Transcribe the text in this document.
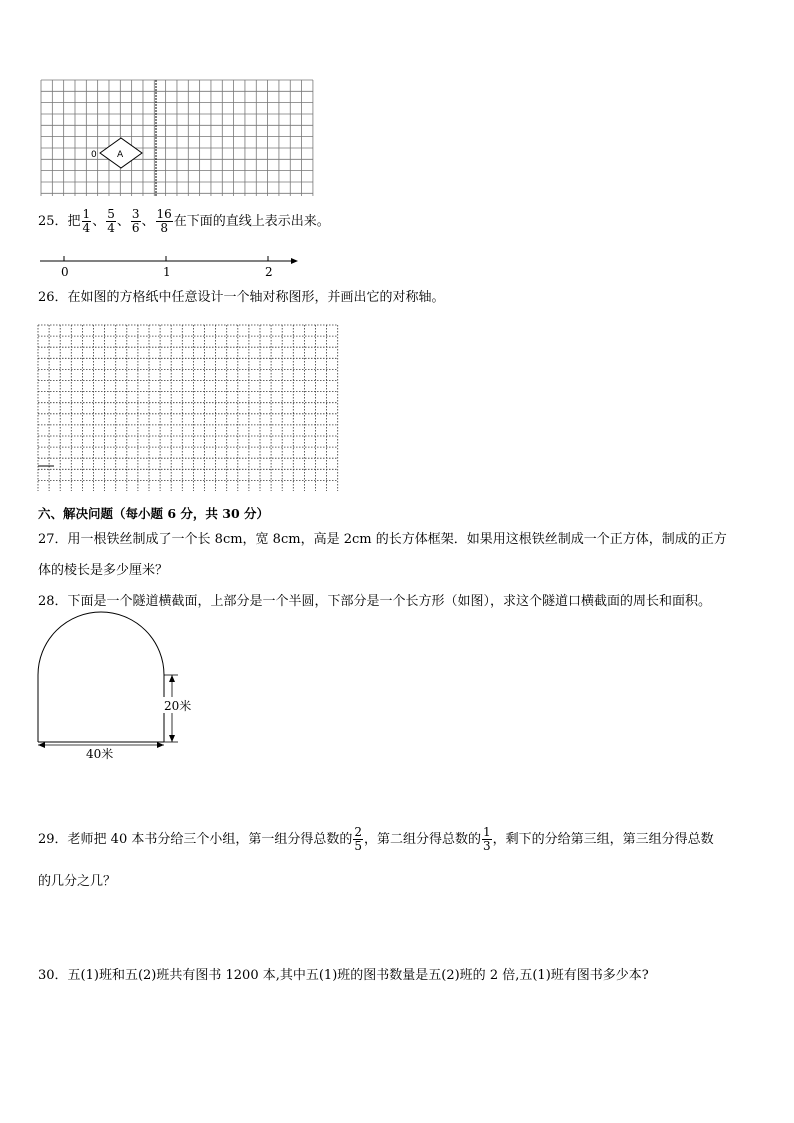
0 A
25．把 $\frac{1}{4}$ 、 $\frac{5}{4}$ 、 $\frac{3}{6}$ 、 $\frac{16}{8}$ 在下面的直线上表示出来。
0	1	2
26．在如图的方格纸中任意设计一个轴对称图形，并画出它的对称轴。
六、解决问题（每小题 6 分，共 30 分）
27．用一根铁丝制成了一个长 8cm，宽 8cm，高是 2cm 的长方体框架．如果用这根铁丝制成一个正方体，制成的正方
体的棱长是多少厘米？
28．下面是一个隧道横截面，上部分是一个半圆，下部分是一个长方形（如图），求这个隧道口横截面的周长和面积。
20米
40米
29．老师把 40 本书分给三个小组，第一组分得总数的 $\frac{2}{5}$ ，第二组分得总数的 $\frac{1}{3}$ ，剩下的分给第三组，第三组分得总数
的几分之几？
30．五(1)班和五(2)班共有图书 1200 本,其中五(1)班的图书数量是五(2)班的 2 倍,五(1)班有图书多少本?
